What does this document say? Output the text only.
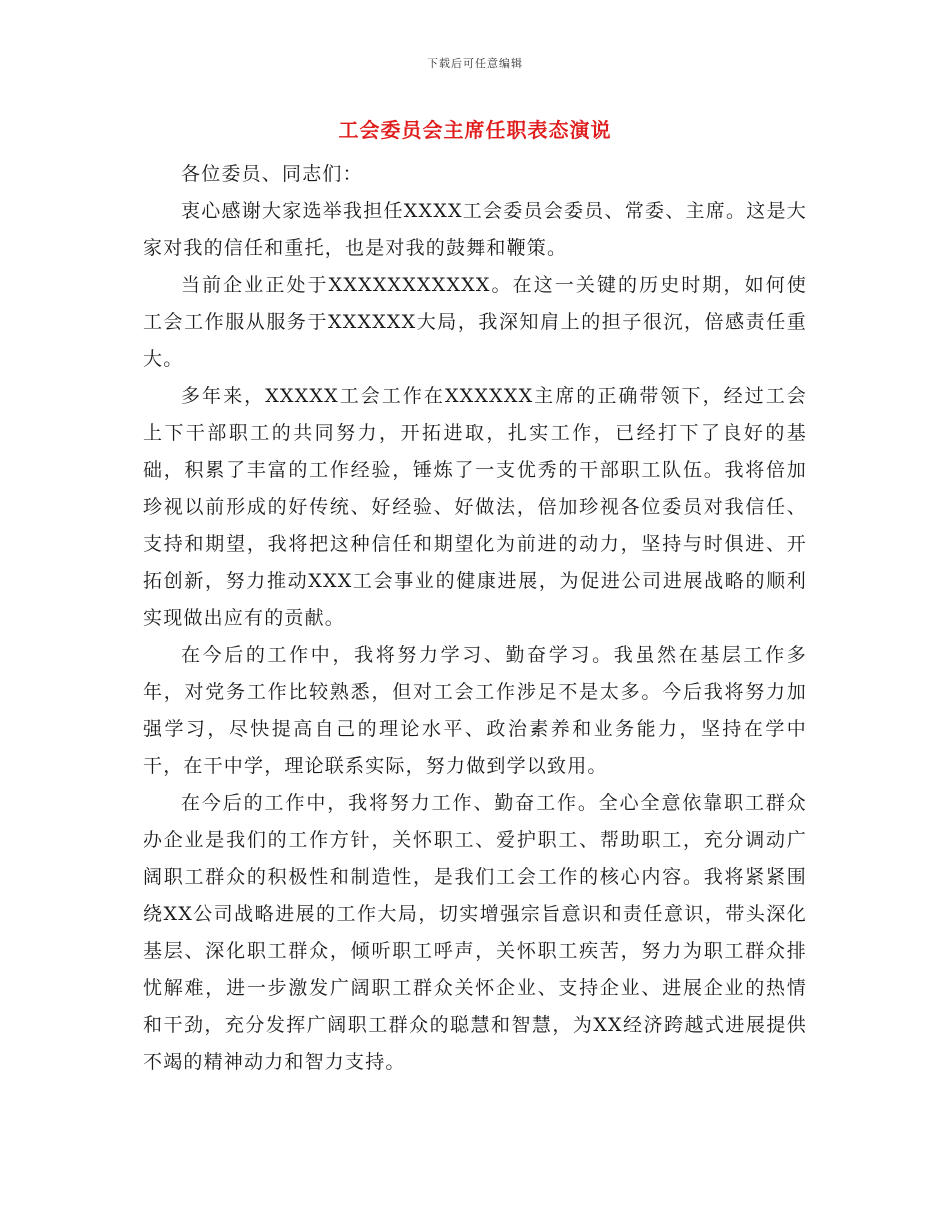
下载后可任意编辑
工会委员会主席任职表态演说

各位委员、同志们：

衷心感谢大家选举我担任XXXX工会委员会委员、常委、主席。这是大家对我的信任和重托，也是对我的鼓舞和鞭策。

当前企业正处于XXXXXXXXXXX。在这一关键的历史时期，如何使工会工作服从服务于XXXXXX大局，我深知肩上的担子很沉，倍感责任重大。

多年来，XXXXX工会工作在XXXXXX主席的正确带领下，经过工会上下干部职工的共同努力，开拓进取，扎实工作，已经打下了良好的基础，积累了丰富的工作经验，锤炼了一支优秀的干部职工队伍。我将倍加珍视以前形成的好传统、好经验、好做法，倍加珍视各位委员对我信任、支持和期望，我将把这种信任和期望化为前进的动力，坚持与时俱进、开拓创新，努力推动XXX工会事业的健康进展，为促进公司进展战略的顺利实现做出应有的贡献。

在今后的工作中，我将努力学习、勤奋学习。我虽然在基层工作多年，对党务工作比较熟悉，但对工会工作涉足不是太多。今后我将努力加强学习，尽快提高自己的理论水平、政治素养和业务能力，坚持在学中干，在干中学，理论联系实际，努力做到学以致用。

在今后的工作中，我将努力工作、勤奋工作。全心全意依靠职工群众办企业是我们的工作方针，关怀职工、爱护职工、帮助职工，充分调动广阔职工群众的积极性和制造性，是我们工会工作的核心内容。我将紧紧围绕XX公司战略进展的工作大局，切实增强宗旨意识和责任意识，带头深化基层、深化职工群众，倾听职工呼声，关怀职工疾苦，努力为职工群众排忧解难，进一步激发广阔职工群众关怀企业、支持企业、进展企业的热情和干劲，充分发挥广阔职工群众的聪慧和智慧，为XX经济跨越式进展提供不竭的精神动力和智力支持。
